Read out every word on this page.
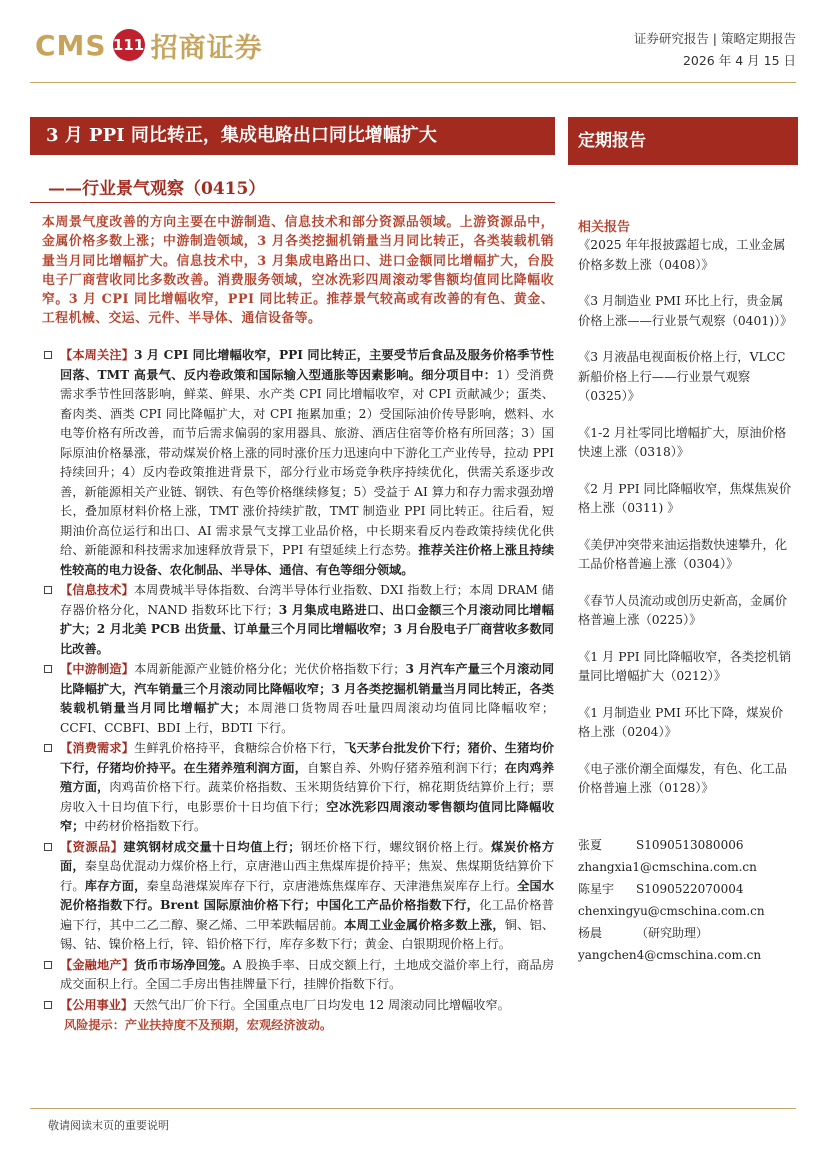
CMS 111 招商证券	证券研究报告 | 策略定期报告
2026 年 4 月 15 日
3 月 PPI 同比转正，集成电路出口同比增幅扩大
——行业景气观察（0415）
定期报告
本周景气度改善的方向主要在中游制造、信息技术和部分资源品领域。上游资源品中，金属价格多数上涨；中游制造领域，3 月各类挖掘机销量当月同比转正，各类装载机销量当月同比增幅扩大。信息技术中，3 月集成电路出口、进口金额同比增幅扩大，台股电子厂商营收同比多数改善。消费服务领域，空冰洗彩四周滚动零售额均值同比降幅收窄。3 月 CPI 同比增幅收窄，PPI 同比转正。推荐景气较高或有改善的有色、黄金、工程机械、交运、元件、半导体、通信设备等。
【本周关注】3 月 CPI 同比增幅收窄，PPI 同比转正，主要受节后食品及服务价格季节性回落、TMT 高景气、反内卷政策和国际输入型通胀等因素影响。细分项目中：1）受消费需求季节性回落影响，鲜菜、鲜果、水产类 CPI 同比增幅收窄，对 CPI 贡献减少；蛋类、畜肉类、酒类 CPI 同比降幅扩大，对 CPI 拖累加重；2）受国际油价传导影响，燃料、水电等价格有所改善，而节后需求偏弱的家用器具、旅游、酒店住宿等价格有所回落；3）国际原油价格暴涨，带动煤炭价格上涨的同时涨价压力迅速向中下游化工产业传导，拉动 PPI 持续回升；4）反内卷政策推进背景下，部分行业市场竞争秩序持续优化，供需关系逐步改善，新能源相关产业链、钢铁、有色等价格继续修复；5）受益于 AI 算力和存力需求强劲增长，叠加原材料价格上涨，TMT 涨价持续扩散，TMT 制造业 PPI 同比转正。往后看，短期油价高位运行和出口、AI 需求景气支撑工业品价格，中长期来看反内卷政策持续优化供给、新能源和科技需求加速释放背景下，PPI 有望延续上行态势。推荐关注价格上涨且持续性较高的电力设备、农化制品、半导体、通信、有色等细分领域。
【信息技术】本周费城半导体指数、台湾半导体行业指数、DXI 指数上行；本周 DRAM 储存器价格分化，NAND 指数环比下行；3 月集成电路进口、出口金额三个月滚动同比增幅扩大；2 月北美 PCB 出货量、订单量三个月同比增幅收窄；3 月台股电子厂商营收多数同比改善。
【中游制造】本周新能源产业链价格分化；光伏价格指数下行；3 月汽车产量三个月滚动同比降幅扩大，汽车销量三个月滚动同比降幅收窄；3 月各类挖掘机销量当月同比转正，各类装载机销量当月同比增幅扩大；本周港口货物周吞吐量四周滚动均值同比降幅收窄；CCFI、CCBFI、BDI 上行，BDTI 下行。
【消费需求】生鲜乳价格持平，食糖综合价格下行，飞天茅台批发价下行；猪价、生猪均价下行，仔猪均价持平。在生猪养殖利润方面，自繁自养、外购仔猪养殖利润下行；在肉鸡养殖方面，肉鸡苗价格下行。蔬菜价格指数、玉米期货结算价下行，棉花期货结算价上行；票房收入十日均值下行，电影票价十日均值下行；空冰洗彩四周滚动零售额均值同比降幅收窄；中药材价格指数下行。
【资源品】建筑钢材成交量十日均值上行；钢坯价格下行，螺纹钢价格上行。煤炭价格方面，秦皇岛优混动力煤价格上行，京唐港山西主焦煤库提价持平；焦炭、焦煤期货结算价下行。库存方面，秦皇岛港煤炭库存下行，京唐港炼焦煤库存、天津港焦炭库存上行。全国水泥价格指数下行。Brent 国际原油价格下行；中国化工产品价格指数下行，化工品价格普遍下行，其中二乙二醇、聚乙烯、二甲苯跌幅居前。本周工业金属价格多数上涨，铜、铝、锡、钴、镍价格上行，锌、铅价格下行，库存多数下行；黄金、白银期现价格上行。
【金融地产】货币市场净回笼。A 股换手率、日成交额上行，土地成交溢价率上行，商品房成交面积上行。全国二手房出售挂牌量下行，挂牌价指数下行。
【公用事业】天然气出厂价下行。全国重点电厂日均发电 12 周滚动同比增幅收窄。
风险提示：产业扶持度不及预期，宏观经济波动。
相关报告
《2025 年年报披露超七成，工业金属价格多数上涨（0408）》
《3 月制造业 PMI 环比上行，贵金属价格上涨——行业景气观察（0401)）》
《3 月液晶电视面板价格上行，VLCC 新船价格上行——行业景气观察（0325）》
《1-2 月社零同比增幅扩大，原油价格快速上涨（0318）》
《2 月 PPI 同比降幅收窄，焦煤焦炭价格上涨（0311) 》
《美伊冲突带来油运指数快速攀升，化工品价格普遍上涨（0304）》
《春节人员流动或创历史新高，金属价格普遍上涨（0225）》
《1 月 PPI 同比降幅收窄，各类挖机销量同比增幅扩大（0212）》
《1 月制造业 PMI 环比下降，煤炭价格上涨（0204）》
《电子涨价潮全面爆发，有色、化工品价格普遍上涨（0128）》
张夏	S1090513080006
zhangxia1@cmschina.com.cn
陈星宇	S1090522070004
chenxingyu@cmschina.com.cn
杨晨	（研究助理）
yangchen4@cmschina.com.cn
敬请阅读末页的重要说明
